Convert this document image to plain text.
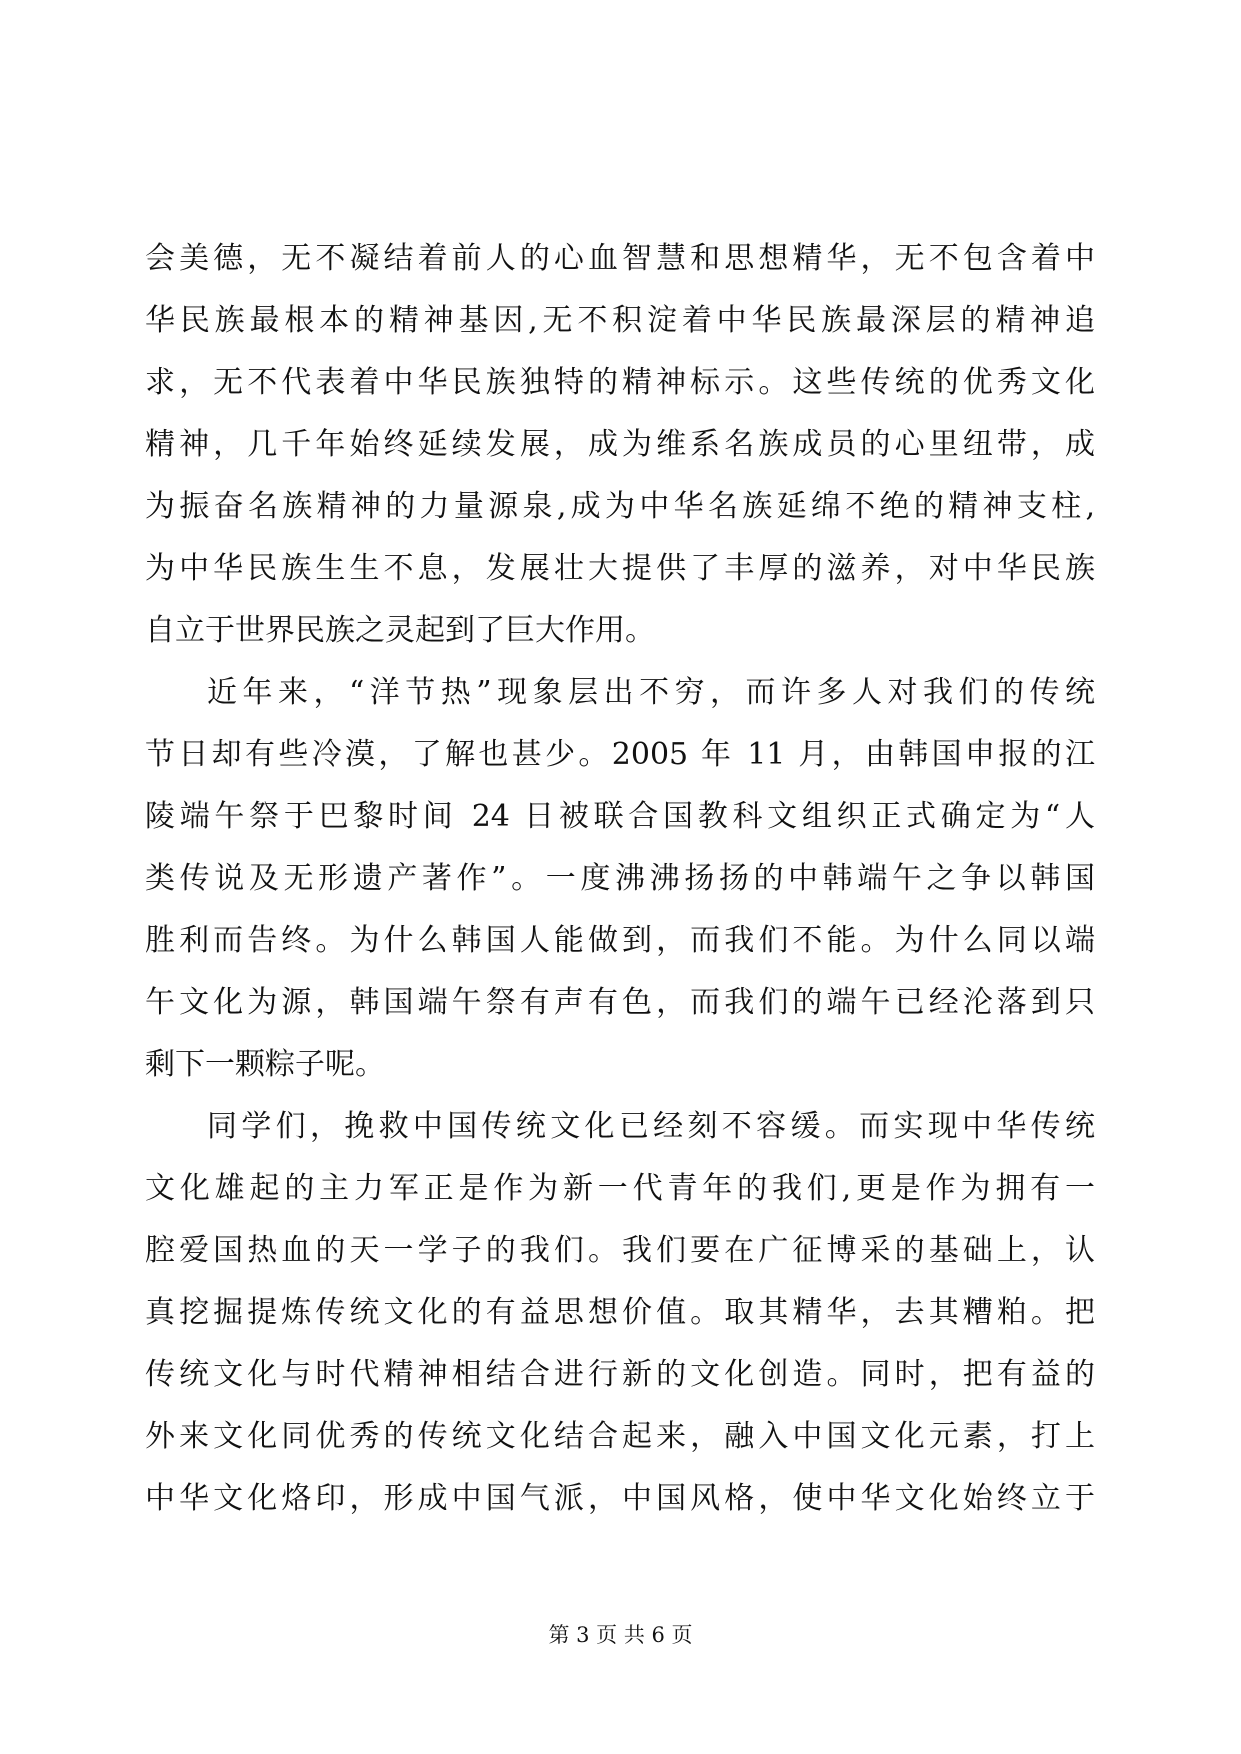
会美德，无不凝结着前人的心血智慧和思想精华，无不包含着中
华民族最根本的精神基因,无不积淀着中华民族最深层的精神追
求，无不代表着中华民族独特的精神标示。这些传统的优秀文化
精神，几千年始终延续发展，成为维系名族成员的心里纽带，成
为振奋名族精神的力量源泉,成为中华名族延绵不绝的精神支柱,
为中华民族生生不息，发展壮大提供了丰厚的滋养，对中华民族
自立于世界民族之灵起到了巨大作用。
近年来，“洋节热”现象层出不穷，而许多人对我们的传统
节日却有些冷漠，了解也甚少。2005 年 11 月，由韩国申报的江
陵端午祭于巴黎时间 24 日被联合国教科文组织正式确定为“人
类传说及无形遗产著作”。一度沸沸扬扬的中韩端午之争以韩国
胜利而告终。为什么韩国人能做到，而我们不能。为什么同以端
午文化为源，韩国端午祭有声有色，而我们的端午已经沦落到只
剩下一颗粽子呢。
同学们，挽救中国传统文化已经刻不容缓。而实现中华传统
文化雄起的主力军正是作为新一代青年的我们,更是作为拥有一
腔爱国热血的天一学子的我们。我们要在广征博采的基础上，认
真挖掘提炼传统文化的有益思想价值。取其精华，去其糟粕。把
传统文化与时代精神相结合进行新的文化创造。同时，把有益的
外来文化同优秀的传统文化结合起来，融入中国文化元素，打上
中华文化烙印，形成中国气派，中国风格，使中华文化始终立于
第 3 页 共 6 页
